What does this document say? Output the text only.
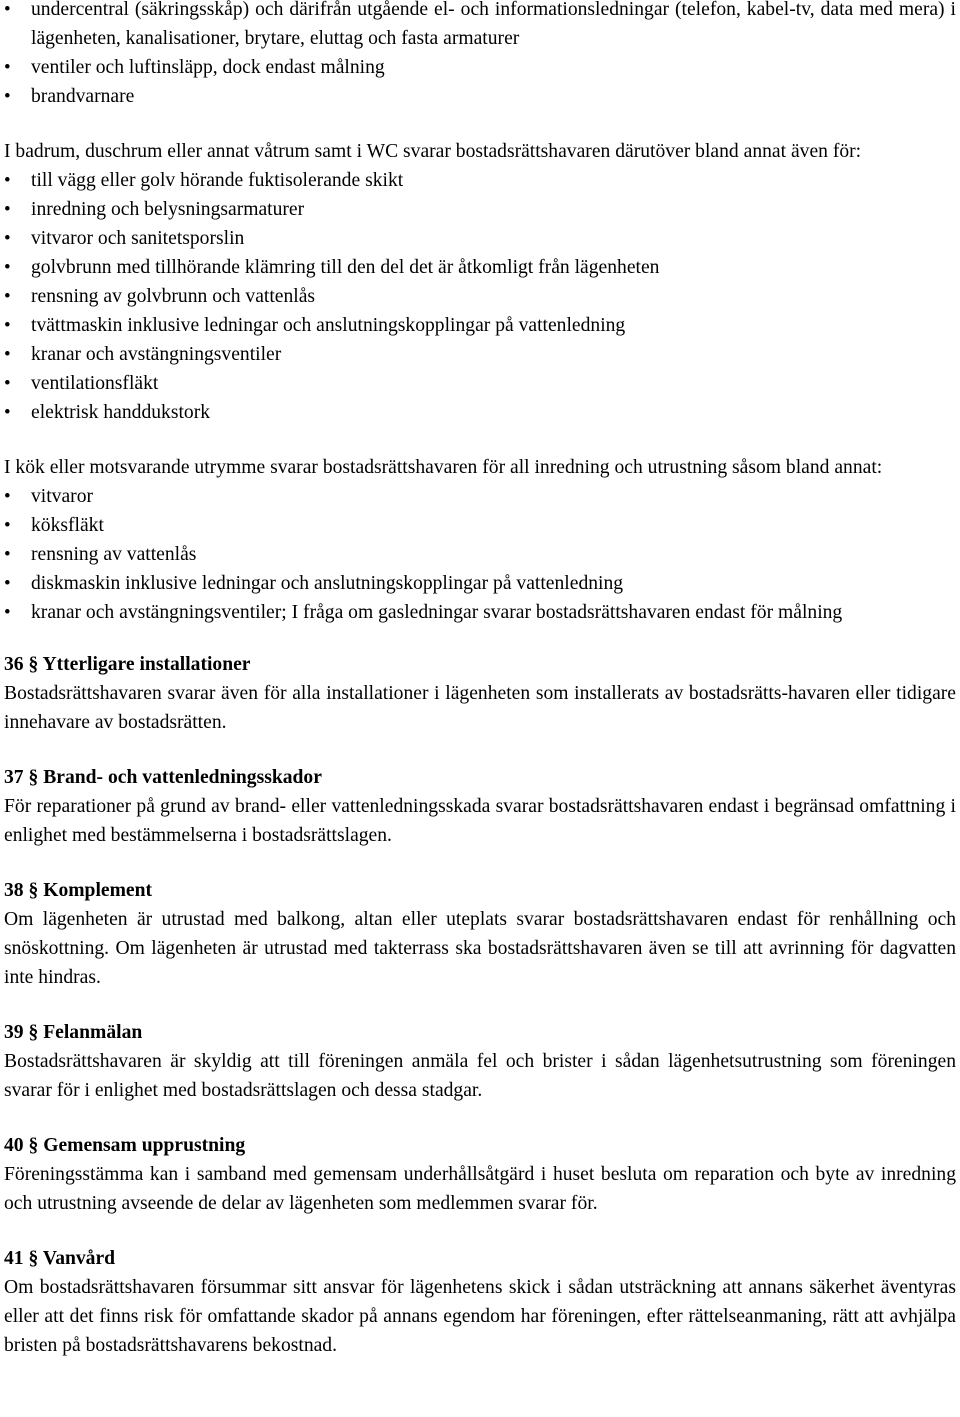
• undercentral (säkringsskåp) och därifrån utgående el- och informationsledningar (telefon, kabel-tv, data med mera) i lägenheten, kanalisationer, brytare, eluttag och fasta armaturer
• ventiler och luftinsläpp, dock endast målning
• brandvarnare

I badrum, duschrum eller annat våtrum samt i WC svarar bostadsrättshavaren därutöver bland annat även för:

• till vägg eller golv hörande fuktisolerande skikt
• inredning och belysningsarmaturer
• vitvaror och sanitetsporslin
• golvbrunn med tillhörande klämring till den del det är åtkomligt från lägenheten
• rensning av golvbrunn och vattenlås
• tvättmaskin inklusive ledningar och anslutningskopplingar på vattenledning
• kranar och avstängningsventiler
• ventilationsfläkt
• elektrisk handdukstork

I kök eller motsvarande utrymme svarar bostadsrättshavaren för all inredning och utrustning såsom bland annat:

• vitvaror
• köksfläkt
• rensning av vattenlås
• diskmaskin inklusive ledningar och anslutningskopplingar på vattenledning
• kranar och avstängningsventiler; I fråga om gasledningar svarar bostadsrättshavaren endast för målning
36 § Ytterligare installationer

Bostadsrättshavaren svarar även för alla installationer i lägenheten som installerats av bostadsrätts-havaren eller tidigare innehavare av bostadsrätten.

37 § Brand- och vattenledningsskador

För reparationer på grund av brand- eller vattenledningsskada svarar bostadsrättshavaren endast i begränsad omfattning i enlighet med bestämmelserna i bostadsrättslagen.

38 § Komplement

Om lägenheten är utrustad med balkong, altan eller uteplats svarar bostadsrättshavaren endast för renhållning och snöskottning. Om lägenheten är utrustad med takterrass ska bostadsrättshavaren även se till att avrinning för dagvatten inte hindras.

39 § Felanmälan

Bostadsrättshavaren är skyldig att till föreningen anmäla fel och brister i sådan lägenhetsutrustning som föreningen svarar för i enlighet med bostadsrättslagen och dessa stadgar.

40 § Gemensam upprustning

Föreningsstämma kan i samband med gemensam underhållsåtgärd i huset besluta om reparation och byte av inredning och utrustning avseende de delar av lägenheten som medlemmen svarar för.

41 § Vanvård

Om bostadsrättshavaren försummar sitt ansvar för lägenhetens skick i sådan utsträckning att annans säkerhet äventyras eller att det finns risk för omfattande skador på annans egendom har föreningen, efter rättelseanmaning, rätt att avhjälpa bristen på bostadsrättshavarens bekostnad.
